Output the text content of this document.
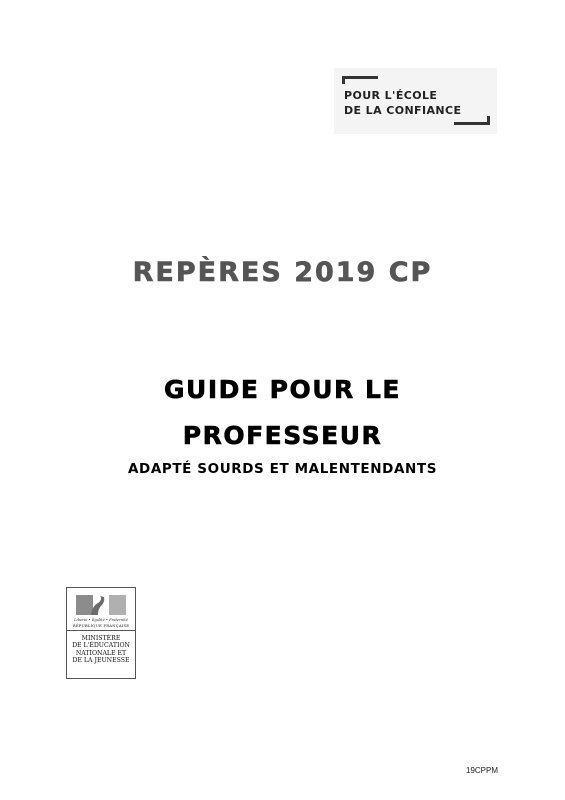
POUR L'ÉCOLE
DE LA CONFIANCE
REPÈRES 2019 CP
GUIDE POUR LE
PROFESSEUR
ADAPTÉ SOURDS ET MALENTENDANTS
Liberté • Égalité • Fraternité
RÉPUBLIQUE FRANÇAISE
MINISTÈRE
DE L'ÉDUCATION
NATIONALE ET
DE LA JEUNESSE
19CPPM
